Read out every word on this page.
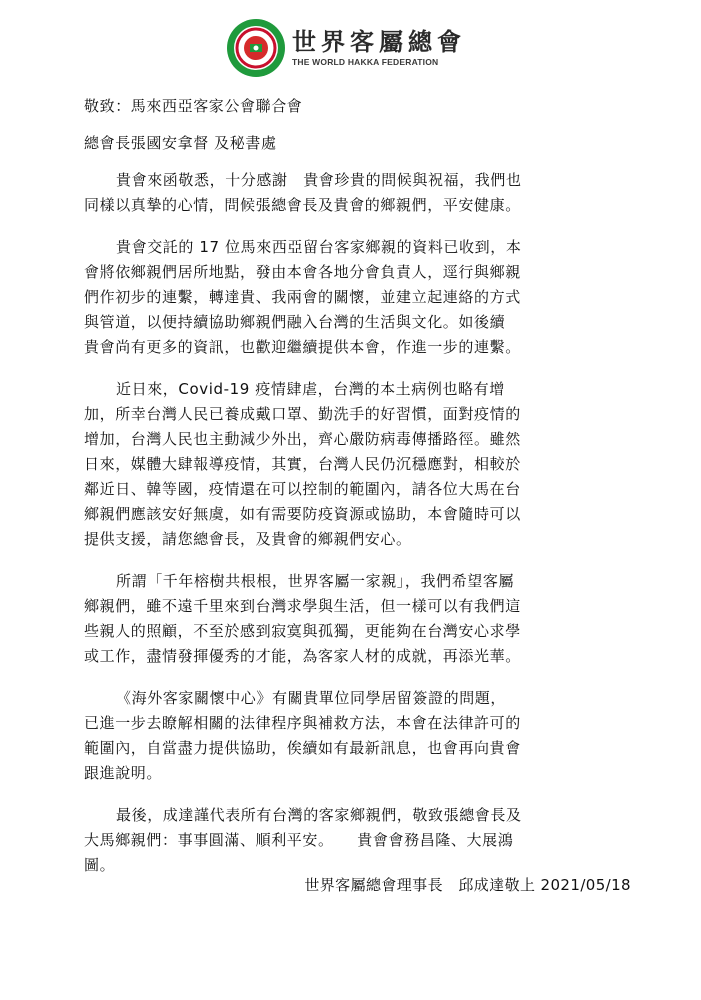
世界客屬總會
THE WORLD HAKKA FEDERATION
敬致：馬來西亞客家公會聯合會
總會長張國安拿督 及秘書處
貴會來函敬悉，十分感謝　貴會珍貴的問候與祝福，我們也
同樣以真摯的心情，問候張總會長及貴會的鄉親們，平安健康。
貴會交託的 17 位馬來西亞留台客家鄉親的資料已收到，本
會將依鄉親們居所地點，發由本會各地分會負責人，逕行與鄉親
們作初步的連繫，轉達貴、我兩會的關懷，並建立起連絡的方式
與管道，以便持續協助鄉親們融入台灣的生活與文化。如後續
貴會尚有更多的資訊，也歡迎繼續提供本會，作進一步的連繫。
近日來，Covid-19 疫情肆虐，台灣的本土病例也略有增
加，所幸台灣人民已養成戴口罩、勤洗手的好習慣，面對疫情的
增加，台灣人民也主動減少外出，齊心嚴防病毒傳播路徑。雖然
日來，媒體大肆報導疫情，其實，台灣人民仍沉穩應對，相較於
鄰近日、韓等國，疫情還在可以控制的範圍內，請各位大馬在台
鄉親們應該安好無虞，如有需要防疫資源或協助，本會隨時可以
提供支援，請您總會長，及貴會的鄉親們安心。
所謂「千年榕樹共根根，世界客屬一家親」，我們希望客屬
鄉親們，雖不遠千里來到台灣求學與生活，但一樣可以有我們這
些親人的照顧，不至於感到寂寞與孤獨，更能夠在台灣安心求學
或工作，盡情發揮優秀的才能，為客家人材的成就，再添光華。
《海外客家關懷中心》有關貴單位同學居留簽證的問題，
已進一步去瞭解相關的法律程序與補救方法，本會在法律許可的
範圍內，自當盡力提供協助，俟續如有最新訊息，也會再向貴會
跟進說明。
最後，成達謹代表所有台灣的客家鄉親們，敬致張總會長及
大馬鄉親們：事事圓滿、順利平安。　　貴會會務昌隆、大展鴻
圖。
世界客屬總會理事長　邱成達敬上 2021/05/18
